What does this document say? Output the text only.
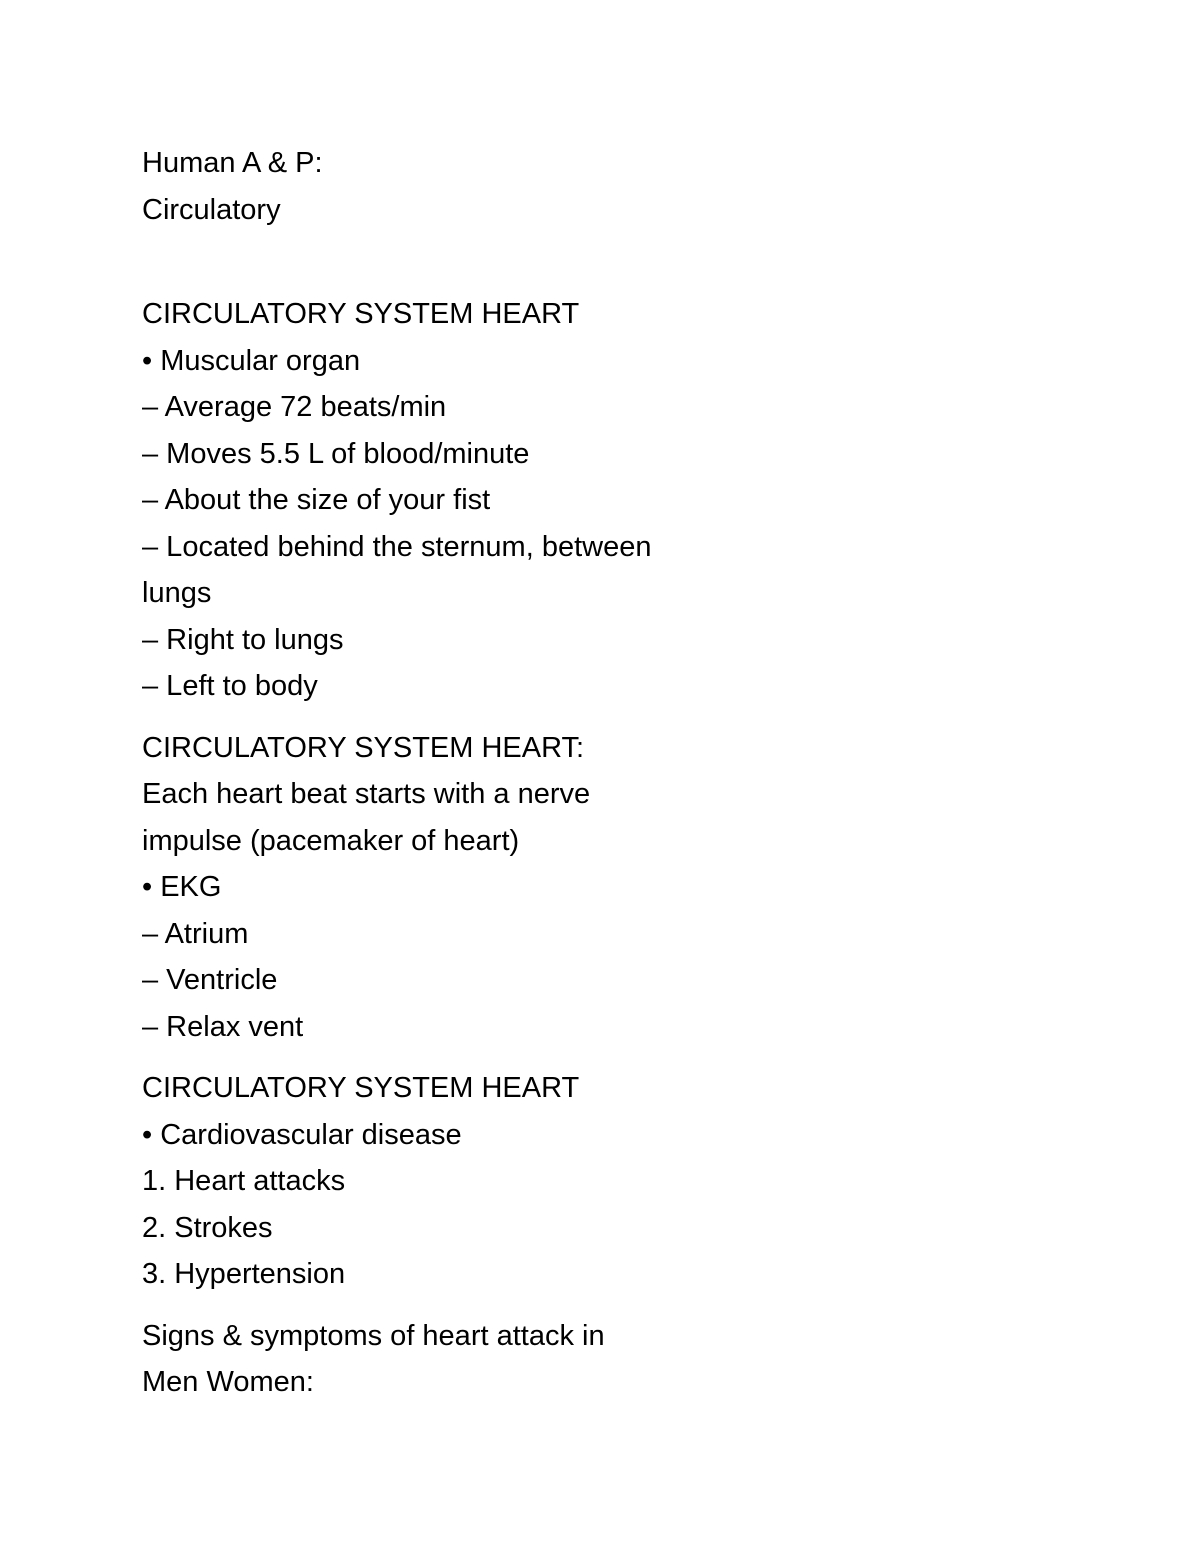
Human A & P:
Circulatory
CIRCULATORY SYSTEM HEART
• Muscular organ
– Average 72 beats/min
– Moves 5.5 L of blood/minute
– About the size of your fist
– Located behind the sternum, between
lungs
– Right to lungs
– Left to body
CIRCULATORY SYSTEM HEART:
Each heart beat starts with a nerve
impulse (pacemaker of heart)
• EKG
– Atrium
– Ventricle
– Relax vent
CIRCULATORY SYSTEM HEART
• Cardiovascular disease
1. Heart attacks
2. Strokes
3. Hypertension
Signs & symptoms of heart attack in
Men Women:
